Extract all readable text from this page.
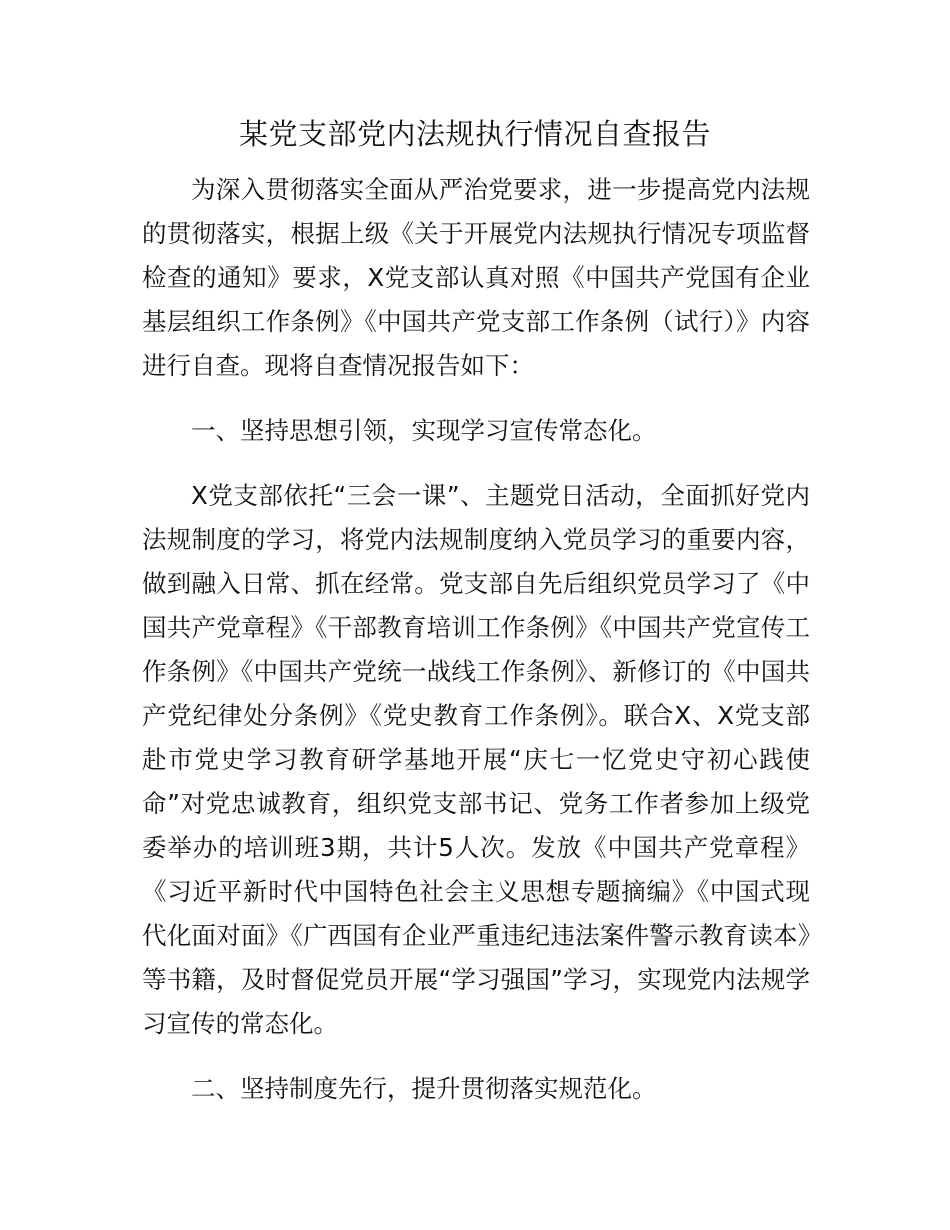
某党支部党内法规执行情况自查报告

为深入贯彻落实全面从严治党要求，进一步提高党内法规的贯彻落实，根据上级《关于开展党内法规执行情况专项监督检查的通知》要求，X党支部认真对照《中国共产党国有企业基层组织工作条例》《中国共产党支部工作条例（试行）》内容进行自查。现将自查情况报告如下：

一、坚持思想引领，实现学习宣传常态化。

X党支部依托“三会一课”、主题党日活动，全面抓好党内法规制度的学习，将党内法规制度纳入党员学习的重要内容，做到融入日常、抓在经常。党支部自先后组织党员学习了《中国共产党章程》《干部教育培训工作条例》《中国共产党宣传工作条例》《中国共产党统一战线工作条例》、新修订的《中国共产党纪律处分条例》《党史教育工作条例》。联合X、X党支部赴市党史学习教育研学基地开展“庆七一忆党史守初心践使命”对党忠诚教育，组织党支部书记、党务工作者参加上级党委举办的培训班3期，共计5人次。发放《中国共产党章程》《习近平新时代中国特色社会主义思想专题摘编》《中国式现代化面对面》《广西国有企业严重违纪违法案件警示教育读本》等书籍，及时督促党员开展“学习强国”学习，实现党内法规学习宣传的常态化。

二、坚持制度先行，提升贯彻落实规范化。
